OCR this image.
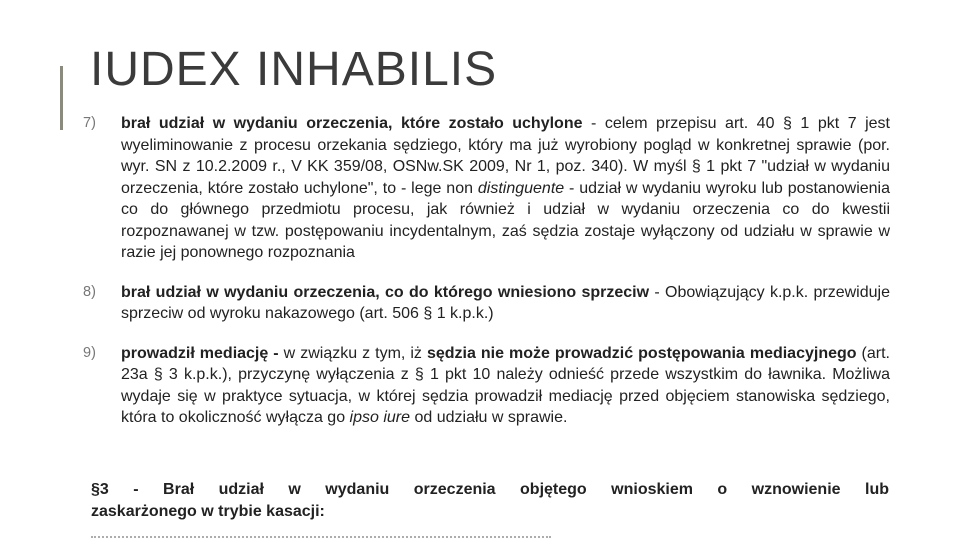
IUDEX INHABILIS
7) brał udział w wydaniu orzeczenia, które zostało uchylone - celem przepisu art. 40 § 1 pkt 7 jest wyeliminowanie z procesu orzekania sędziego, który ma już wyrobiony pogląd w konkretnej sprawie (por. wyr. SN z 10.2.2009 r., V KK 359/08, OSNw.SK 2009, Nr 1, poz. 340). W myśl § 1 pkt 7 "udział w wydaniu orzeczenia, które zostało uchylone", to - lege non distinguente - udział w wydaniu wyroku lub postanowienia co do głównego przedmiotu procesu, jak również i udział w wydaniu orzeczenia co do kwestii rozpoznawanej w tzw. postępowaniu incydentalnym, zaś sędzia zostaje wyłączony od udziału w sprawie w razie jej ponownego rozpoznania
8) brał udział w wydaniu orzeczenia, co do którego wniesiono sprzeciw - Obowiązujący k.p.k. przewiduje sprzeciw od wyroku nakazowego (art. 506 § 1 k.p.k.)
9) prowadził mediację - w związku z tym, iż sędzia nie może prowadzić postępowania mediacyjnego (art. 23a § 3 k.p.k.), przyczynę wyłączenia z § 1 pkt 10 należy odnieść przede wszystkim do ławnika. Możliwa wydaje się w praktyce sytuacja, w której sędzia prowadził mediację przed objęciem stanowiska sędziego, która to okoliczność wyłącza go ipso iure od udziału w sprawie.
§3 - Brał udział w wydaniu orzeczenia objętego wnioskiem o wznowienie lub
zaskarżonego w trybie kasacji:
